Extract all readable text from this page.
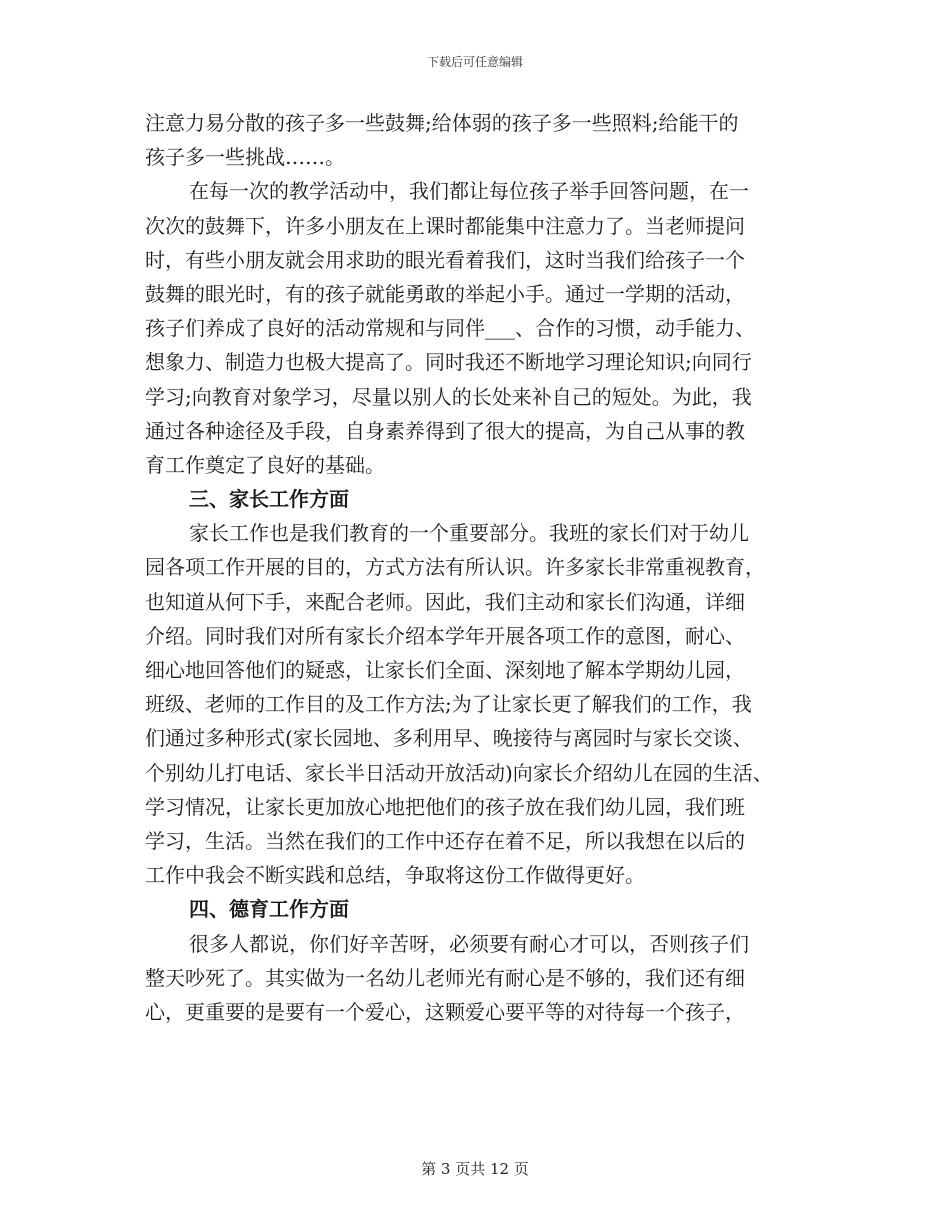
下载后可任意编辑
注意力易分散的孩子多一些鼓舞;给体弱的孩子多一些照料;给能干的
孩子多一些挑战……。
在每一次的教学活动中，我们都让每位孩子举手回答问题，在一
次次的鼓舞下，许多小朋友在上课时都能集中注意力了。当老师提问
时，有些小朋友就会用求助的眼光看着我们，这时当我们给孩子一个
鼓舞的眼光时，有的孩子就能勇敢的举起小手。通过一学期的活动，
孩子们养成了良好的活动常规和与同伴___、合作的习惯，动手能力、
想象力、制造力也极大提高了。同时我还不断地学习理论知识;向同行
学习;向教育对象学习，尽量以别人的长处来补自己的短处。为此，我
通过各种途径及手段，自身素养得到了很大的提高，为自己从事的教
育工作奠定了良好的基础。
三、家长工作方面
家长工作也是我们教育的一个重要部分。我班的家长们对于幼儿
园各项工作开展的目的，方式方法有所认识。许多家长非常重视教育，
也知道从何下手，来配合老师。因此，我们主动和家长们沟通，详细
介绍。同时我们对所有家长介绍本学年开展各项工作的意图，耐心、
细心地回答他们的疑惑，让家长们全面、深刻地了解本学期幼儿园，
班级、老师的工作目的及工作方法;为了让家长更了解我们的工作，我
们通过多种形式(家长园地、多利用早、晚接待与离园时与家长交谈、
个别幼儿打电话、家长半日活动开放活动)向家长介绍幼儿在园的生活、
学习情况，让家长更加放心地把他们的孩子放在我们幼儿园，我们班
学习，生活。当然在我们的工作中还存在着不足，所以我想在以后的
工作中我会不断实践和总结，争取将这份工作做得更好。
四、德育工作方面
很多人都说，你们好辛苦呀，必须要有耐心才可以，否则孩子们
整天吵死了。其实做为一名幼儿老师光有耐心是不够的，我们还有细
心，更重要的是要有一个爱心，这颗爱心要平等的对待每一个孩子，
第 3 页共 12 页
